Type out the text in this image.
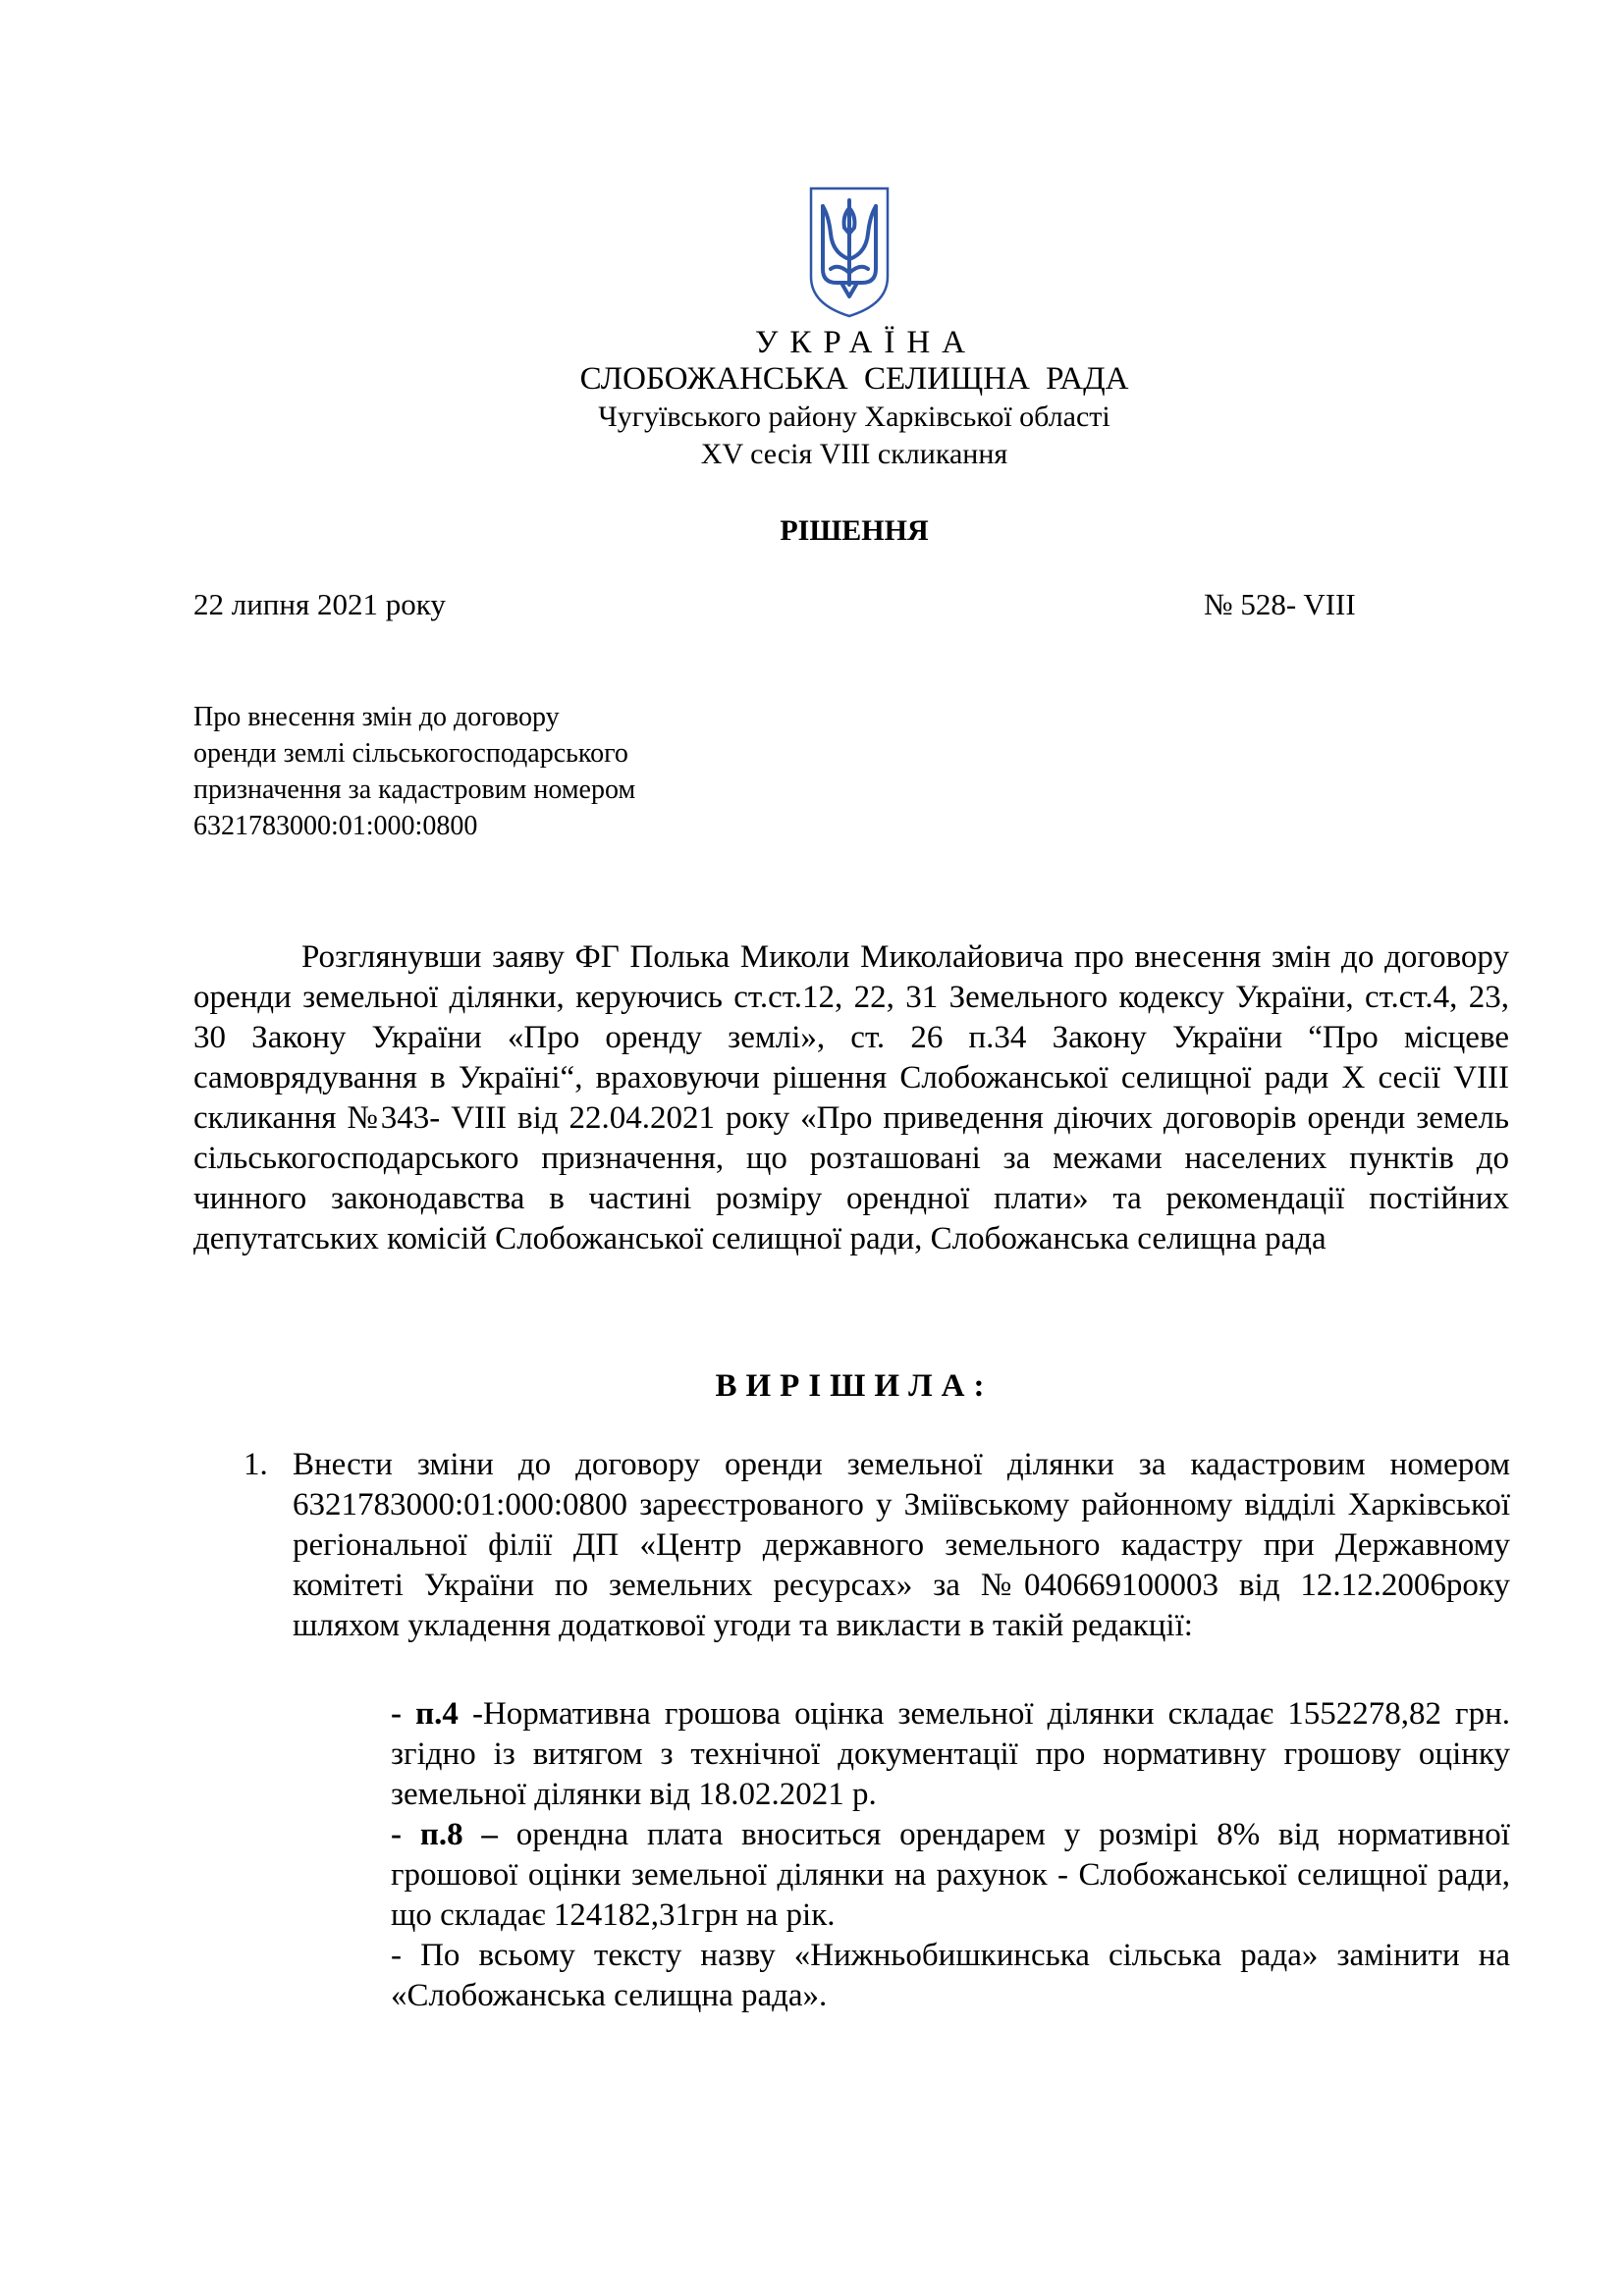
УКРАЇНА
СЛОБОЖАНСЬКА СЕЛИЩНА РАДА
Чугуївського району Харківської області
XV сесія VIII скликання
РІШЕННЯ
22 липня 2021 року	№ 528- VIII
Про внесення змін до договору
оренди землі сільськогосподарського
призначення за кадастровим номером
6321783000:01:000:0800

Розглянувши заяву ФГ Полька Миколи Миколайовича про внесення змін до договору оренди земельної ділянки, керуючись ст.ст.12, 22, 31 Земельного кодексу України, ст.ст.4, 23, 30 Закону України «Про оренду землі», ст. 26 п.34 Закону України “Про місцеве самоврядування в Україні“, враховуючи рішення Слобожанської селищної ради X сесії VIII скликання №343- VIII від 22.04.2021 року «Про приведення діючих договорів оренди земель сільськогосподарського призначення, що розташовані за межами населених пунктів до чинного законодавства в частині розміру орендної плати» та рекомендації постійних депутатських комісій Слобожанської селищної ради, Слобожанська селищна рада

ВИРІШИЛА:
1. Внести зміни до договору оренди земельної ділянки за кадастровим номером 6321783000:01:000:0800 зареєстрованого у Зміївському районному відділі Харківської регіональної філії ДП «Центр державного земельного кадастру при Державному комітеті України по земельних ресурсах» за №040669100003 від 12.12.2006року шляхом укладення додаткової угоди та викласти в такій редакції:

- п.4 -Нормативна грошова оцінка земельної ділянки складає 1552278,82 грн. згідно із витягом з технічної документації про нормативну грошову оцінку земельної ділянки від 18.02.2021 р.

- п.8 – орендна плата вноситься орендарем у розмірі 8% від нормативної грошової оцінки земельної ділянки на рахунок - Слобожанської селищної ради, що складає 124182,31грн на рік.

- По всьому тексту назву «Нижньобишкинська сільська рада» замінити на «Слобожанська селищна рада».
